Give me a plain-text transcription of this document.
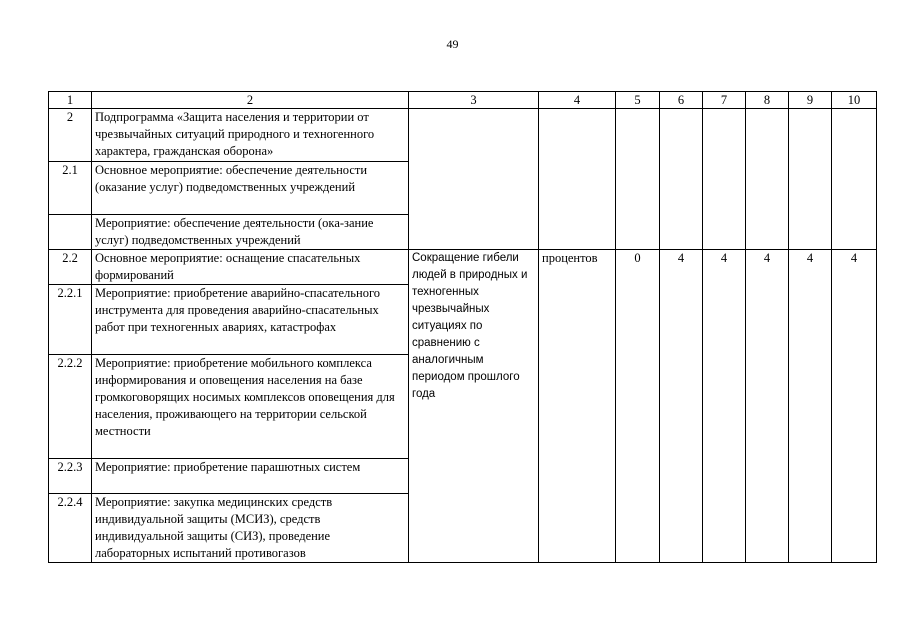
49
1	2	3	4	5	6	7	8	9	10
2	Подпрограмма «Защита населения и территории от чрезвычайных ситуаций природного и техногенного характера, гражданская оборона»								
2.1	Основное мероприятие: обеспечение деятельности (оказание услуг) подведомственных учреждений								
	Мероприятие: обеспечение деятельности (ока-зание услуг) подведомственных учреждений								
2.2	Основное мероприятие: оснащение спасательных формирований	Сокращение гибели людей в природных и техногенных чрезвычайных ситуациях по сравнению с аналогичным периодом прошлого года	процентов	0	4	4	4	4	4
2.2.1	Мероприятие: приобретение аварийно-спасательного инструмента для проведения аварийно-спасательных работ при техногенных авариях, катастрофах								
2.2.2	Мероприятие: приобретение мобильного комплекса информирования и оповещения населения на базе громкоговорящих носимых комплексов оповещения для населения, проживающего на территории сельской местности								
2.2.3	Мероприятие: приобретение парашютных систем								
2.2.4	Мероприятие: закупка медицинских средств индивидуальной защиты (МСИЗ), средств индивидуальной защиты (СИЗ), проведение лабораторных испытаний противогазов								
